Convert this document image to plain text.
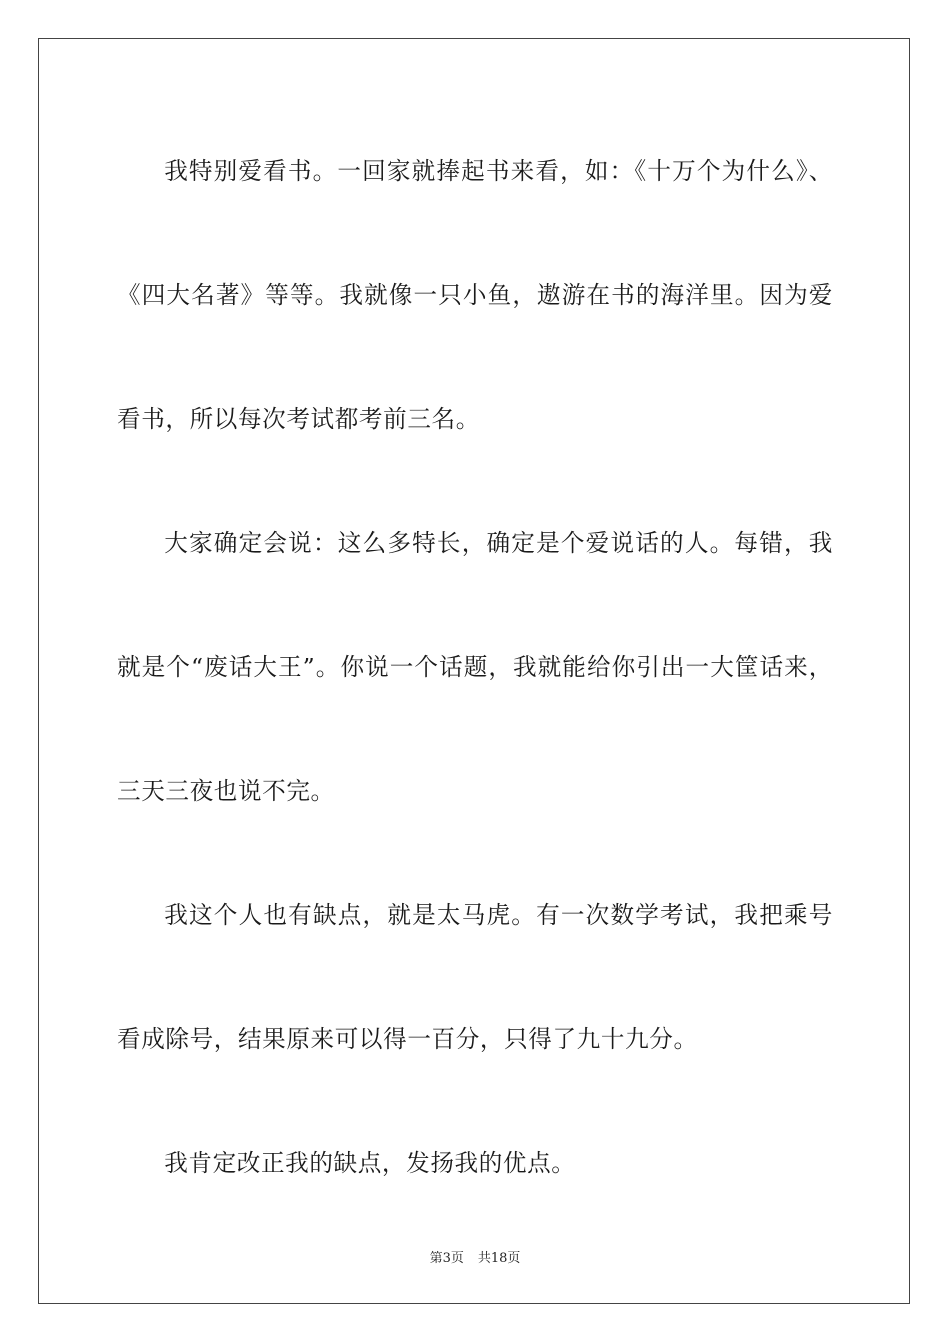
我特别爱看书。一回家就捧起书来看，如：《十万个为什么》、《四大名著》等等。我就像一只小鱼，遨游在书的海洋里。因为爱看书，所以每次考试都考前三名。

大家确定会说：这么多特长，确定是个爱说话的人。每错，我就是个“废话大王”。你说一个话题，我就能给你引出一大筐话来，三天三夜也说不完。

我这个人也有缺点，就是太马虎。有一次数学考试，我把乘号看成除号，结果原来可以得一百分，只得了九十九分。

我肯定改正我的缺点，发扬我的优点。

第3页 共18页
